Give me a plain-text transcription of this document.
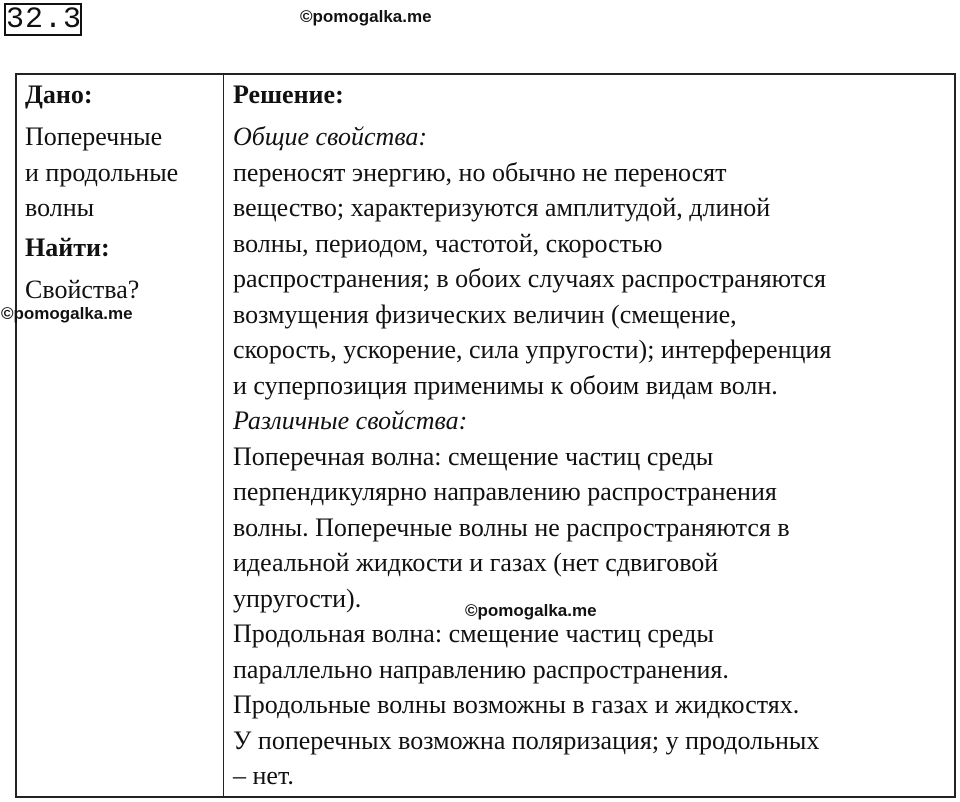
32.3	©pomogalka.me
Дано:
Поперечные
и продольные
волны
Найти:
Свойства?
Решение:
Общие свойства:
переносят энергию, но обычно не переносят
вещество; характеризуются амплитудой, длиной
волны, периодом, частотой, скоростью
распространения; в обоих случаях распространяются
возмущения физических величин (смещение,
скорость, ускорение, сила упругости); интерференция
и суперпозиция применимы к обоим видам волн.
Различные свойства:
Поперечная волна: смещение частиц среды
перпендикулярно направлению распространения
волны. Поперечные волны не распространяются в
идеальной жидкости и газах (нет сдвиговой
упругости).
Продольная волна: смещение частиц среды
параллельно направлению распространения.
Продольные волны возможны в газах и жидкостях.
У поперечных возможна поляризация; у продольных
– нет.
©pomogalka.me
©pomogalka.me
